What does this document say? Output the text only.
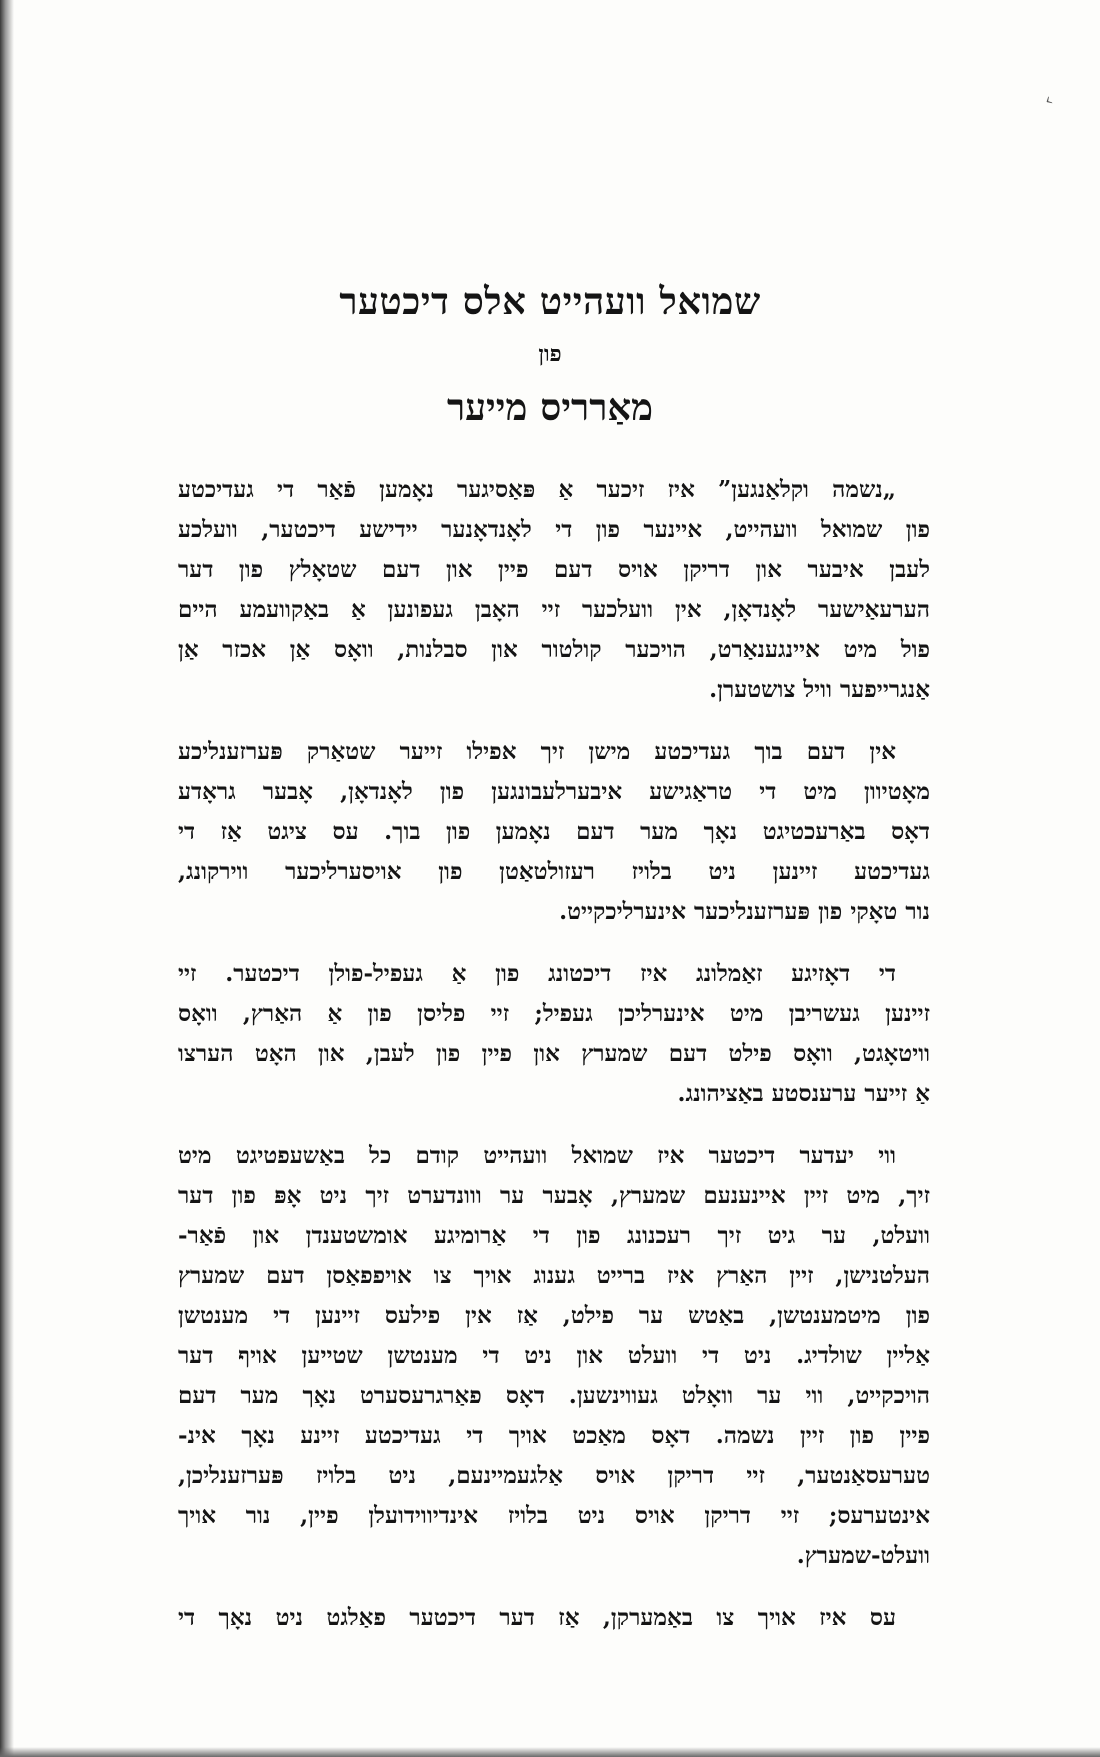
‹
שמואל וועהייט אלס דיכטער
פון
מאַרריס מייער
„נשמה וקלאַנגען” איז זיכער אַ פּאַסיגער נאָמען פֿאַר די געדיכטע
פון שמואל וועהייט, איינער פון די לאָנדאָנער יידישע דיכטער, וועלכע
לעבן איבער און דריקן אויס דעם פיין און דעם שטאָלץ פון דער
הערעאַישער לאָנדאָן, אין וועלכער זיי האָבן געפונען אַ באַקוועמע היים
פול מיט איינגענאַרט, הויכער קולטור און סבלנות, וואָס אַן אכזר אַן
אַנגרייפער וויל צושטערן.
אין דעם בוך געדיכטע מישן זיך אפילו זייער שטאַרק פּערזענליכע
מאָטיוון מיט די טראַגישע איבערלעבונגען פון לאָנדאָן, אָבער גראָדע
דאָס באַרעכטיגט נאָך מער דעם נאָמען פון בוך. עס ציגט אַז די
געדיכטע זיינען ניט בלויז רעזולטאַטן פון אויסערליכער ווירקונג,
נור טאָקי פון פּערזענליכער אינערליכקייט.
די דאָזיגע זאַמלונג איז דיכטונג פון אַ געפיל-פולן דיכטער. זיי
זיינען געשריבן מיט אינערליכן געפיל; זיי פליסן פון אַ האַרץ, וואָס
וויטאָגט, וואָס פילט דעם שמערץ און פיין פון לעבן, און האָט הערצו
אַ זייער ערענסטע באַציהונג.
ווי יעדער דיכטער איז שמואל וועהייט קודם כל באַשעפטיגט מיט
זיך, מיט זיין איינענעם שמערץ, אָבער ער ווונדערט זיך ניט אָפּ פון דער
וועלט, ער גיט זיך רעכנונג פון די אַרומיגע אומשטענדן און פֿאַר-
העלטנישן, זיין האַרץ איז ברייט גענוג אויך צו אויפפאַסן דעם שמערץ
פון מיטמענטשן, באַטש ער פילט, אַז אין פילעס זיינען די מענטשן
אַליין שולדיג. ניט די וועלט און ניט די מענטשן שטייען אויף דער
הויכקייט, ווי ער וואָלט געווינשען. דאָס פאַרגרעסערט נאָך מער דעם
פיין פון זיין נשמה. דאָס מאַכט אויך די געדיכטע זיינע נאָך אינ-
טערעסאַנטער, זיי דריקן אויס אַלגעמיינעם, ניט בלויז פּערזענליכן,
אינטערעס; זיי דריקן אויס ניט בלויז אינדיווידועלן פיין, נור אויך
וועלט-שמערץ.
עס איז אויך צו באַמערקן, אַז דער דיכטער פאַלגט ניט נאָך די
